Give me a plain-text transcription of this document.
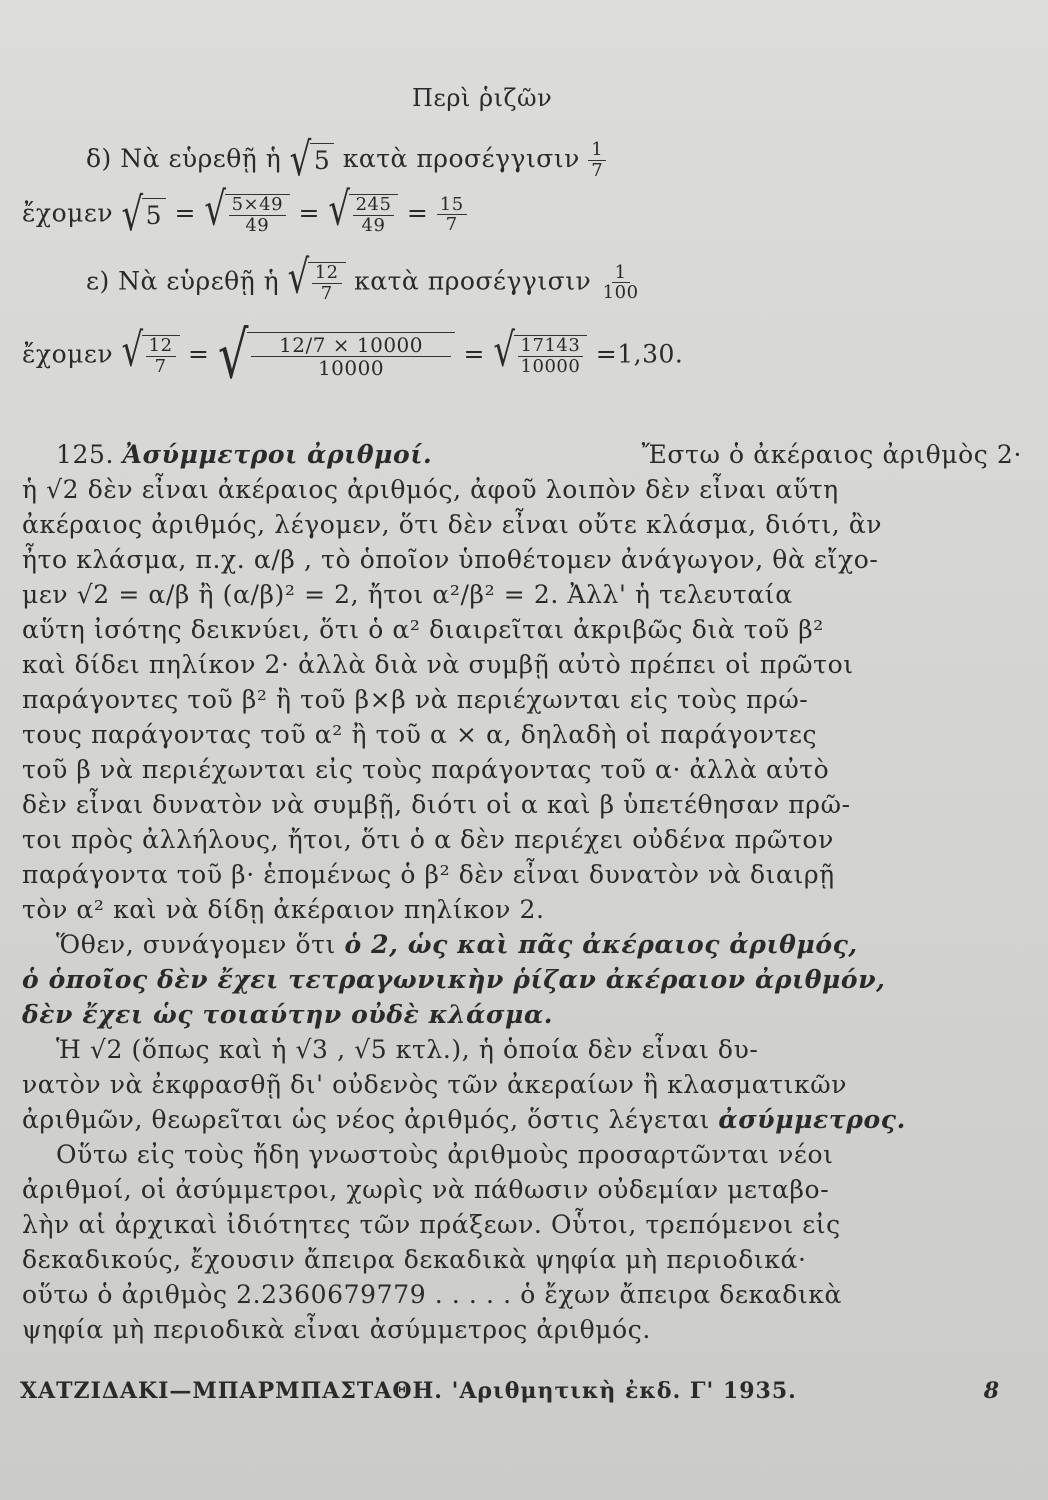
Περὶ ῥιζῶν
δ) Νὰ εὑρεθῇ ἡ √ 5 κατὰ προσέγγισιν $\frac{1}{7}$
ἔχομεν √ 5 = √ $\frac{5\times 49}{49}$ = √ $\frac{245}{49} = \frac{15}{7}$
ε) Νὰ εὑρεθῇ ἡ √ $\frac{12}{7}$ κατὰ προσέγγισιν $\frac{1}{100}$
ἔχομεν √ $\frac{12}{7}$ = √ $\frac{12/7 \times 10000}{10000}$ = √ $\frac{17143}{10000} =1,30$.
125. Ἀσύμμετροι ἀριθμοί.	Ἔστω ὁ ἀκέραιος ἀριθμὸς 2·
ἡ √2 δὲν εἶναι ἀκέραιος ἀριθμός, ἀφοῦ λοιπὸν δὲν εἶναι αὕτη
ἀκέραιος ἀριθμός, λέγομεν, ὅτι δὲν εἶναι οὔτε κλάσμα, διότι, ἂν
ἦτο κλάσμα, π.χ. α/β , τὸ ὁποῖον ὑποθέτομεν ἀνάγωγον, θὰ εἴχο-
μεν √2 = α/β ἢ (α/β)² = 2, ἤτοι α²/β² = 2. Ἀλλ' ἡ τελευταία
αὕτη ἰσότης δεικνύει, ὅτι ὁ α² διαιρεῖται ἀκριβῶς διὰ τοῦ β²
καὶ δίδει πηλίκον 2· ἀλλὰ διὰ νὰ συμβῇ αὐτὸ πρέπει οἱ πρῶτοι
παράγοντες τοῦ β² ἢ τοῦ β×β νὰ περιέχωνται εἰς τοὺς πρώ-
τους παράγοντας τοῦ α² ἢ τοῦ α × α, δηλαδὴ οἱ παράγοντες
τοῦ β νὰ περιέχωνται εἰς τοὺς παράγοντας τοῦ α· ἀλλὰ αὐτὸ
δὲν εἶναι δυνατὸν νὰ συμβῇ, διότι οἱ α καὶ β ὑπετέθησαν πρῶ-
τοι πρὸς ἀλλήλους, ἤτοι, ὅτι ὁ α δὲν περιέχει οὐδένα πρῶτον
παράγοντα τοῦ β· ἑπομένως ὁ β² δὲν εἶναι δυνατὸν νὰ διαιρῇ
τὸν α² καὶ νὰ δίδῃ ἀκέραιον πηλίκον 2.
Ὅθεν, συνάγομεν ὅτι ὁ 2, ὡς καὶ πᾶς ἀκέραιος ἀριθμός,
ὁ ὁποῖος δὲν ἔχει τετραγωνικὴν ῥίζαν ἀκέραιον ἀριθμόν,
δὲν ἔχει ὡς τοιαύτην οὐδὲ κλάσμα.
Ἡ √2 (ὅπως καὶ ἡ √3 , √5 κτλ.), ἡ ὁποία δὲν εἶναι δυ-
νατὸν νὰ ἐκφρασθῇ δι' οὐδενὸς τῶν ἀκεραίων ἢ κλασματικῶν
ἀριθμῶν, θεωρεῖται ὡς νέος ἀριθμός, ὅστις λέγεται ἀσύμμετρος.
Οὕτω εἰς τοὺς ἤδη γνωστοὺς ἀριθμοὺς προσαρτῶνται νέοι
ἀριθμοί, οἱ ἀσύμμετροι, χωρὶς νὰ πάθωσιν οὐδεμίαν μεταβο-
λὴν αἱ ἀρχικαὶ ἰδιότητες τῶν πράξεων. Οὗτοι, τρεπόμενοι εἰς
δεκαδικούς, ἔχουσιν ἄπειρα δεκαδικὰ ψηφία μὴ περιοδικά·
οὕτω ὁ ἀριθμὸς 2.2360679779 . . . . . ὁ ἔχων ἄπειρα δεκαδικὰ
ψηφία μὴ περιοδικὰ εἶναι ἀσύμμετρος ἀριθμός.
ΧΑΤΖΙΔΑΚΙ—ΜΠΑΡΜΠΑΣΤΑΘΗ. 'Αριθμητικὴ ἐκδ. Γ' 1935.	8
